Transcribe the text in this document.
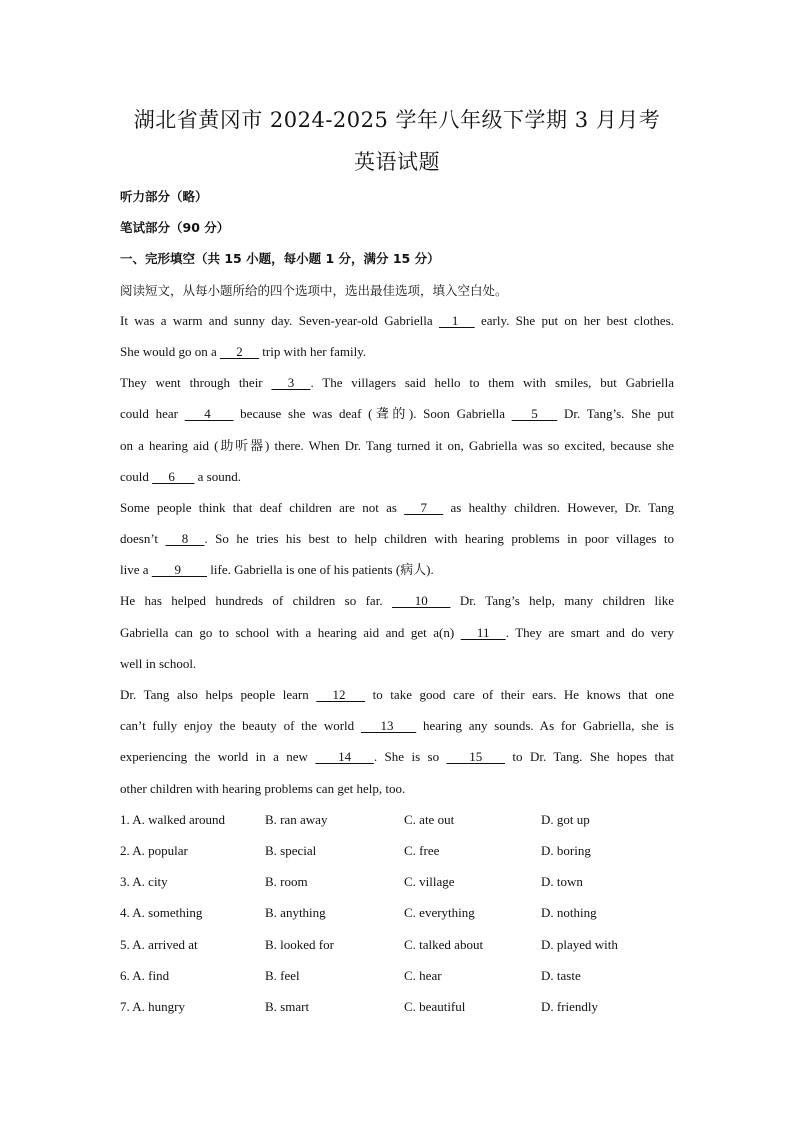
湖北省黄冈市 2024-2025 学年八年级下学期 3 月月考
英语试题
听力部分（略）
笔试部分（90 分）
一、完形填空（共 15 小题，每小题 1 分，满分 15 分）
阅读短文，从每小题所给的四个选项中，选出最佳选项，填入空白处。
It was a warm and sunny day. Seven-year-old Gabriella     1      early. She put on her best clothes.
She would go on a      2      trip with her family.
They went through their      3     . The villagers said hello to them with smiles, but Gabriella
could hear       4        because she was deaf (聋的). Soon Gabriella       5       Dr. Tang’s. She put
on a hearing aid (助听器) there. When Dr. Tang turned it on, Gabriella was so excited, because she
could      6       a sound.
Some people think that deaf children are not as      7      as healthy children. However, Dr. Tang
doesn’t      8     . So he tries his best to help children with hearing problems in poor villages to
live a        9         life. Gabriella is one of his patients (病人).
He has helped hundreds of children so far.        10        Dr. Tang’s help, many children like
Gabriella can go to school with a hearing aid and get a(n)      11     . They are smart and do very
well in school.
Dr. Tang also helps people learn      12       to take good care of their ears. He knows that one
can’t fully enjoy the beauty of the world       13        hearing any sounds. As for Gabriella, she is
experiencing the world in a new        14       . She is so        15        to Dr. Tang. She hopes that
other children with hearing problems can get help, too.
1. A. walked around	B. ran away	C. ate out	D. got up
2. A. popular	B. special	C. free	D. boring
3. A. city	B. room	C. village	D. town
4. A. something	B. anything	C. everything	D. nothing
5. A. arrived at	B. looked for	C. talked about	D. played with
6. A. find	B. feel	C. hear	D. taste
7. A. hungry	B. smart	C. beautiful	D. friendly
